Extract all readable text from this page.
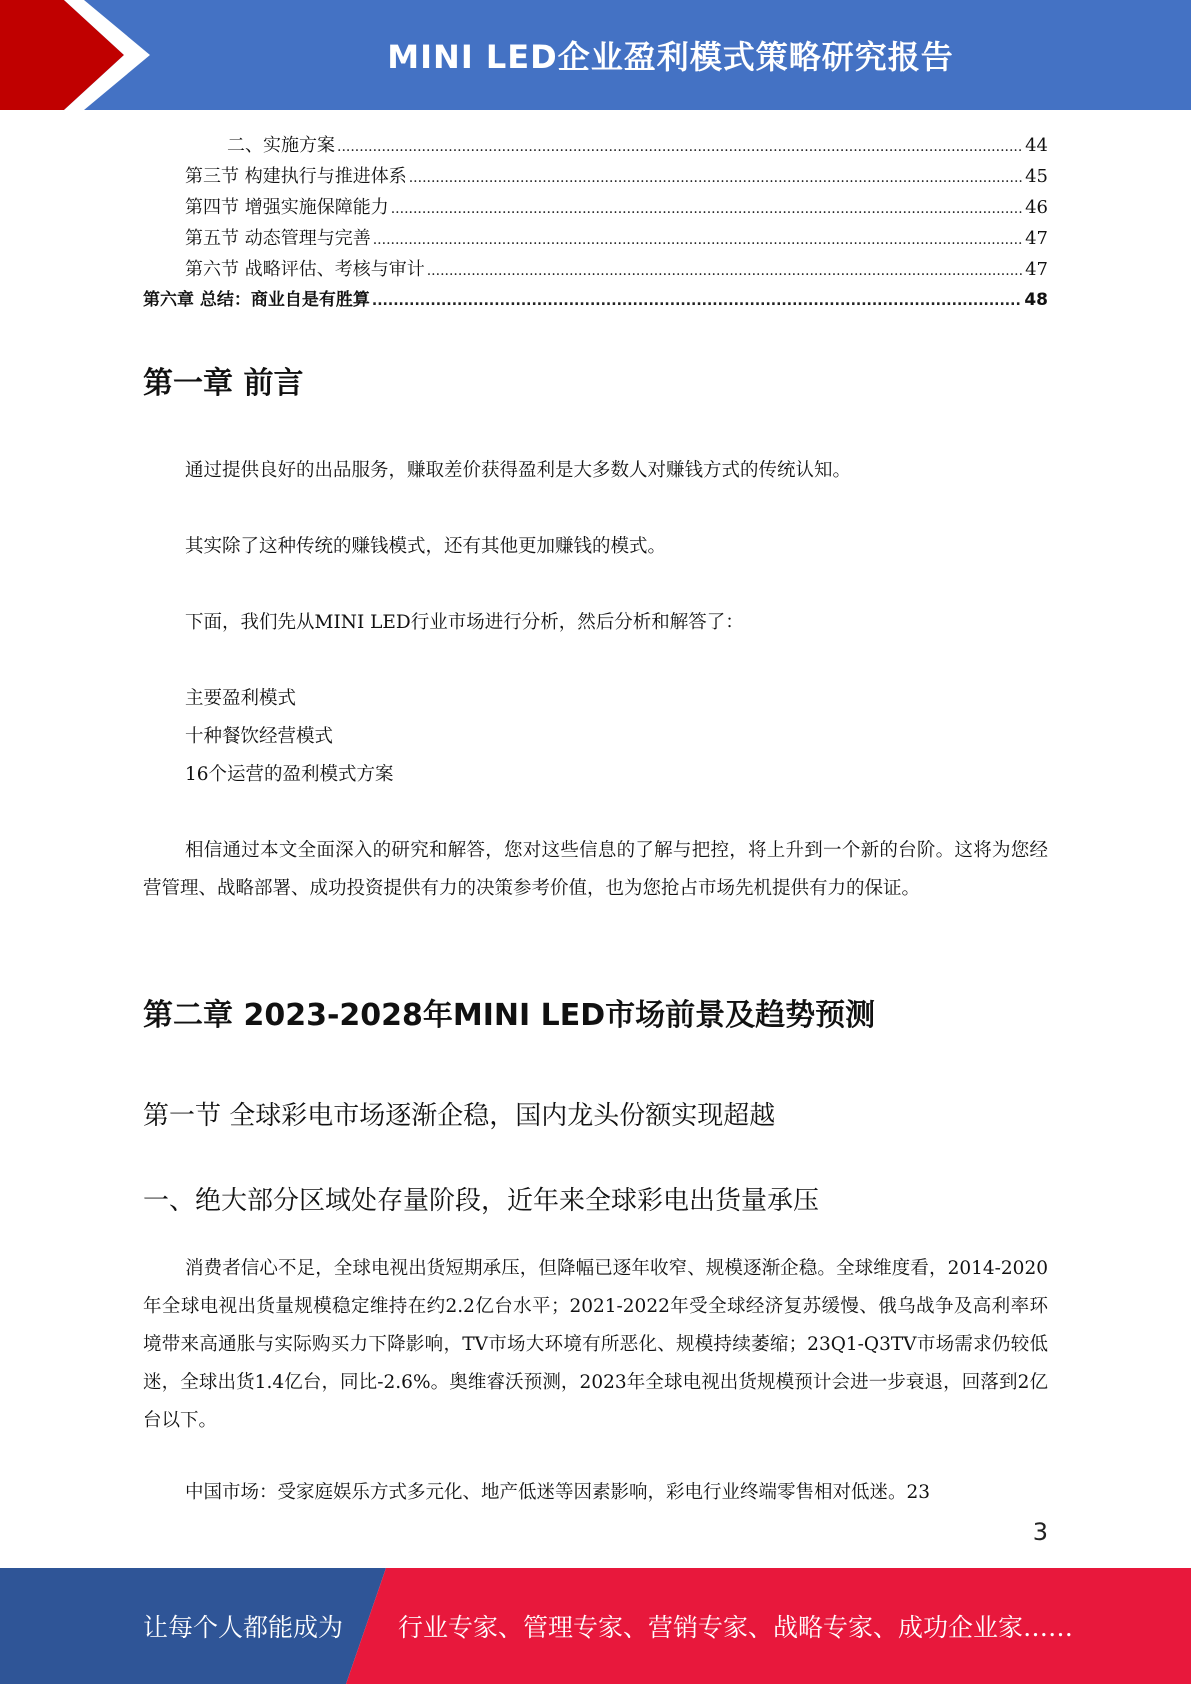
MINI LED企业盈利模式策略研究报告
二、实施方案 .....	44
第三节 构建执行与推进体系 .....	45
第四节 增强实施保障能力 .....	46
第五节 动态管理与完善 .....	47
第六节 战略评估、考核与审计 .....	47
第六章 总结：商业自是有胜算 .....	48
第一章 前言

通过提供良好的出品服务，赚取差价获得盈利是大多数人对赚钱方式的传统认知。

其实除了这种传统的赚钱模式，还有其他更加赚钱的模式。

下面，我们先从MINI LED行业市场进行分析，然后分析和解答了：

主要盈利模式

十种餐饮经营模式

16个运营的盈利模式方案

相信通过本文全面深入的研究和解答，您对这些信息的了解与把控，将上升到一个新的台阶。这将为您经营管理、战略部署、成功投资提供有力的决策参考价值，也为您抢占市场先机提供有力的保证。

第二章 2023-2028年MINI LED市场前景及趋势预测
第一节 全球彩电市场逐渐企稳，国内龙头份额实现超越
一、绝大部分区域处存量阶段，近年来全球彩电出货量承压

消费者信心不足，全球电视出货短期承压，但降幅已逐年收窄、规模逐渐企稳。全球维度看，2014-2020年全球电视出货量规模稳定维持在约2.2亿台水平；2021-2022年受全球经济复苏缓慢、俄乌战争及高利率环境带来高通胀与实际购买力下降影响，TV市场大环境有所恶化、规模持续萎缩；23Q1-Q3TV市场需求仍较低迷，全球出货1.4亿台，同比-2.6%。奥维睿沃预测，2023年全球电视出货规模预计会进一步衰退，回落到2亿台以下。

中国市场：受家庭娱乐方式多元化、地产低迷等因素影响，彩电行业终端零售相对低迷。23

3
让每个人都能成为 行业专家、管理专家、营销专家、战略专家、成功企业家……
